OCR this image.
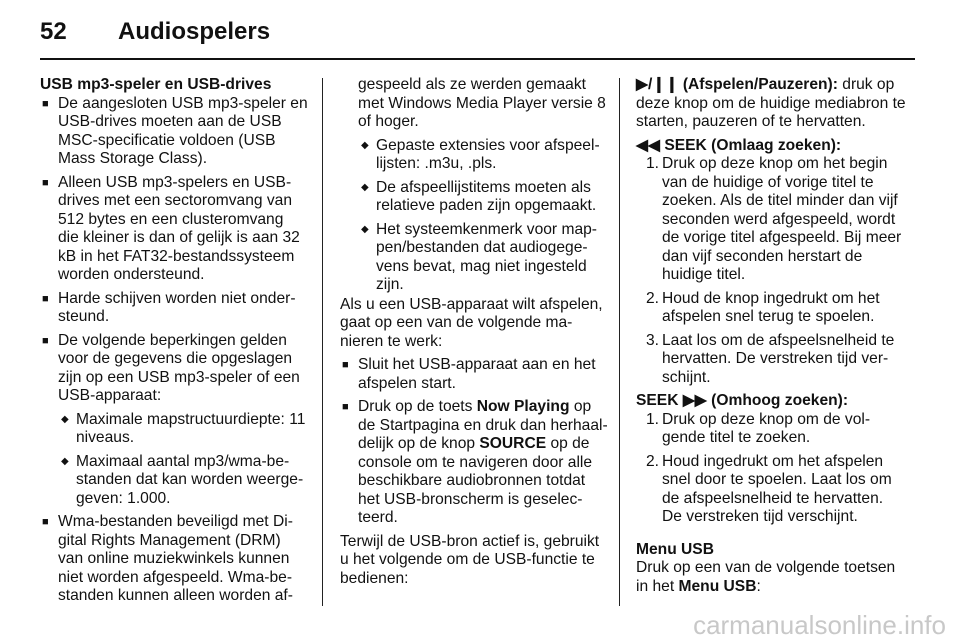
52 Audiospelers

USB mp3-speler en USB-drives

■ De aangesloten USB mp3-speler en USB-drives moeten aan de USB MSC-specificatie voldoen (USB Mass Storage Class).

■ Alleen USB mp3-spelers en USB-drives met een sectoromvang van 512 bytes en een clusteromvang die kleiner is dan of gelijk is aan 32 kB in het FAT32-bestandssysteem worden ondersteund.

■ Harde schijven worden niet ondersteund.

■ De volgende beperkingen gelden voor de gegevens die opgeslagen zijn op een USB mp3-speler of een USB-apparaat:

◆ Maximale mapstructuurdiepte: 11 niveaus.

◆ Maximaal aantal mp3/wma-bestanden dat kan worden weergegeven: 1.000.

■ Wma-bestanden beveiligd met Digital Rights Management (DRM) van online muziekwinkels kunnen niet worden afgespeeld. Wma-bestanden kunnen alleen worden af-

gespeeld als ze werden gemaakt met Windows Media Player versie 8 of hoger.

◆ Gepaste extensies voor afspeellijsten: .m3u, .pls.

◆ De afspeellijstitems moeten als relatieve paden zijn opgemaakt.

◆ Het systeemkenmerk voor mappen/bestanden dat audiogegevens bevat, mag niet ingesteld zijn.

Als u een USB-apparaat wilt afspelen, gaat op een van de volgende manieren te werk:

■ Sluit het USB-apparaat aan en het afspelen start.

■ Druk op de toets Now Playing op de Startpagina en druk dan herhaaldelijk op de knop SOURCE op de console om te navigeren door alle beschikbare audiobronnen totdat het USB-bronscherm is geselecteerd.

Terwijl de USB-bron actief is, gebruikt u het volgende om de USB-functie te bedienen:

▶/❙❙ (Afspelen/Pauzeren): druk op deze knop om de huidige mediabron te starten, pauzeren of te hervatten.

◀◀ SEEK (Omlaag zoeken):

1. Druk op deze knop om het begin van de huidige of vorige titel te zoeken. Als de titel minder dan vijf seconden werd afgespeeld, wordt de vorige titel afgespeeld. Bij meer dan vijf seconden herstart de huidige titel.

2. Houd de knop ingedrukt om het afspelen snel terug te spoelen.

3. Laat los om de afspeelsnelheid te hervatten. De verstreken tijd verschijnt.

SEEK ▶▶ (Omhoog zoeken):

1. Druk op deze knop om de volgende titel te zoeken.

2. Houd ingedrukt om het afspelen snel door te spoelen. Laat los om de afspeelsnelheid te hervatten. De verstreken tijd verschijnt.

Menu USB

Druk op een van de volgende toetsen in het Menu USB:

carmanualsonline.info
